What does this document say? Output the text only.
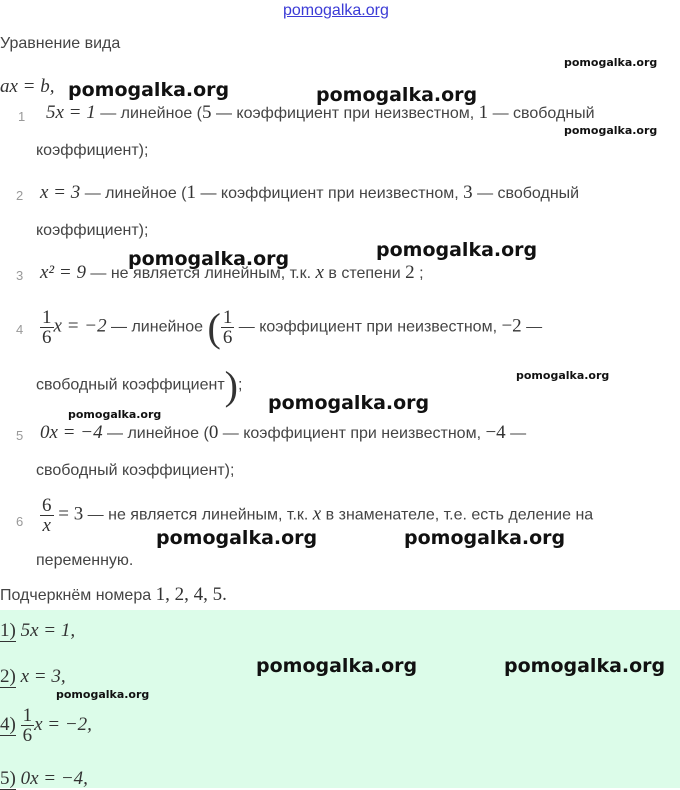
pomogalka.org
Уравнение вида
ax = b,
1 5x = 1 — линейное (5 — коэффициент при неизвестном, 1 — свободный
коэффициент);
2 x = 3 — линейное (1 — коэффициент при неизвестном, 3 — свободный
коэффициент);
3 x² = 9 — не является линейным, т.к. x в степени 2 ;
$4 \frac{1}{6}$ x = −2 — линейное ( $\frac{1}{6}$ — коэффициент при неизвестном, −2 —
свободный коэффициент);
5 0x = −4 — линейное (0 — коэффициент при неизвестном, −4 —
свободный коэффициент);
$6 \frac{6}{x} = 3$ — не является линейным, т.к. x в знаменателе, т.е. есть деление на
переменную.
Подчеркнём номера 1, 2, 4, 5.
1) 5x = 1,
2) x = 3,
$4) \frac{1}{6}$ x = −2,
5) 0x = −4,
pomogalka.org
pomogalka.org	pomogalka.org
pomogalka.org
pomogalka.org	pomogalka.org
pomogalka.org
pomogalka.org
pomogalka.org
pomogalka.org	pomogalka.org
pomogalka.org	pomogalka.org
pomogalka.org
